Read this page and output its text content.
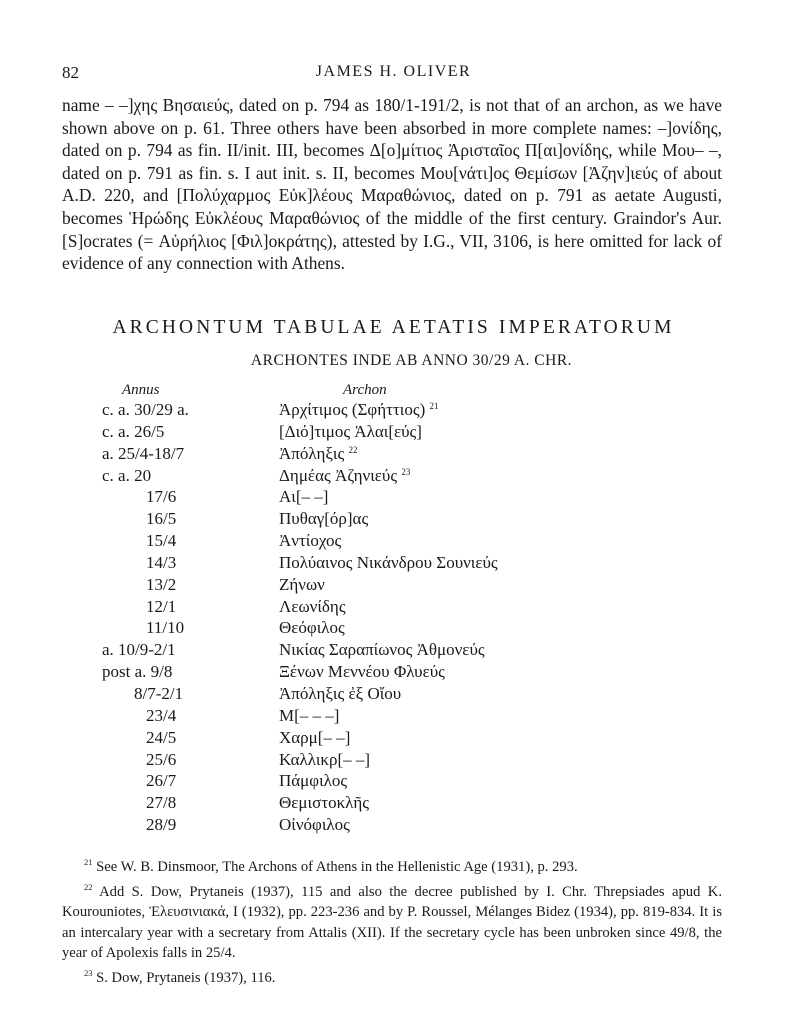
82	JAMES H. OLIVER

name – –]χης Βησαιεύς, dated on p. 794 as 180/1-191/2, is not that of an archon, as we have shown above on p. 61. Three others have been absorbed in more complete names: –]ονίδης, dated on p. 794 as fin. II/init. III, becomes Δ[ο]μίτιος Ἀρισταῖος Π[αι]ονίδης, while Μου– –, dated on p. 791 as fin. s. I aut init. s. II, becomes Μου[νάτι]ος Θεμίσων [Ἀζην]ιεύς of about A.D. 220, and [Πολύχαρμος Εὐκ]λέους Μαραθώνιος, dated on p. 791 as aetate Augusti, becomes Ἡρώδης Εὐκλέους Μαραθώνιος of the middle of the first century. Graindor's Aur. [S]ocrates (= Αὐρήλιος [Φιλ]οκράτης), attested by I.G., VII, 3106, is here omitted for lack of evidence of any connection with Athens.

ARCHONTUM TABULAE AETATIS IMPERATORUM
ARCHONTES INDE AB ANNO 30/29 A. CHR.
Annus	Archon
c. a. 30/29 a.	Ἀρχίτιμος (Σφήττιος) $^{21}$
c. a. 26/5	[Διό]τιμος Ἁλαι[εύς]
a. 25/4-18/7	Ἀπόληξις $^{22}$
c. a. 20	Δημέας Ἀζηνιεύς $^{23}$
17/6	Αι[– –]
16/5	Πυθαγ[όρ]ας
15/4	Ἀντίοχος
14/3	Πολύαινος Νικάνδρου Σουνιεύς
13/2	Ζήνων
12/1	Λεωνίδης
11/10	Θεόφιλος
a. 10/9-2/1	Νικίας Σαραπίωνος Ἀθμονεύς
post a. 9/8	Ξένων Μεννέου Φλυεύς
8/7-2/1	Ἀπόληξις ἐξ Οἴου
23/4	Μ[– – –]
24/5	Χαρμ[– –]
25/6	Καλλικρ[– –]
26/7	Πάμφιλος
27/8	Θεμιστοκλῆς
28/9	Οἰνόφιλος

$^{21}$ See W. B. Dinsmoor, The Archons of Athens in the Hellenistic Age (1931), p. 293.

$^{22}$ Add S. Dow, Prytaneis (1937), 115 and also the decree published by I. Chr. Threpsiades apud K. Kourouniotes, Ἐλευσινιακά, I (1932), pp. 223-236 and by P. Roussel, Mélanges Bidez (1934), pp. 819-834. It is an intercalary year with a secretary from Attalis (XII). If the secretary cycle has been unbroken since 49/8, the year of Apolexis falls in 25/4.

$^{23}$ S. Dow, Prytaneis (1937), 116.
